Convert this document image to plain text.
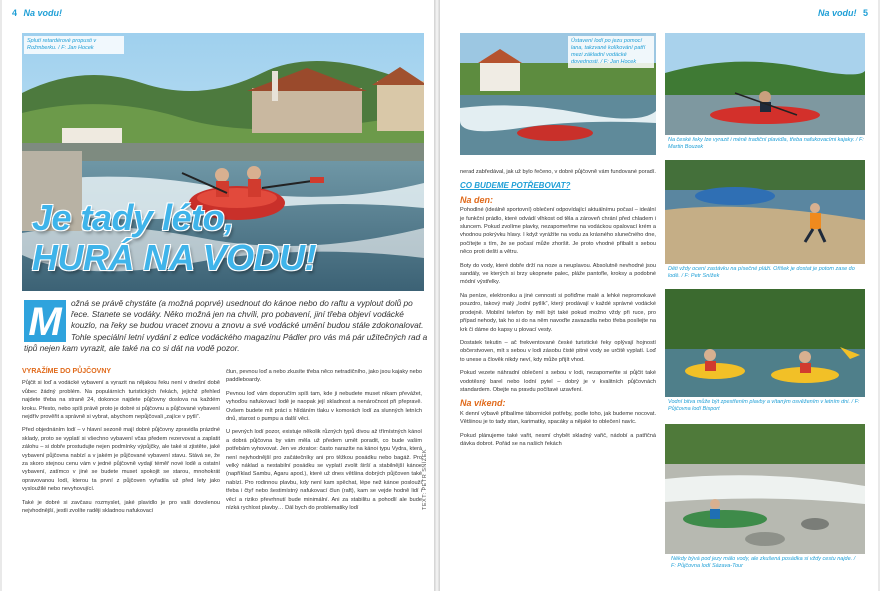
4 Na vodu!
Splutí retardérové propusti v Rožmberku. / F: Jan Hocek
Je tady léto,
HURÁ NA VODU!
M	ožná se právě chystáte (a možná poprvé) usednout do kánoe nebo do raftu a vyplout dolů po řece. Stanete se vodáky. Něko možná jen na chvíli, pro pobavení, jiní třeba objeví vodácké kouzlo, na řeky se budou vracet znovu a znovu a své vodácké umění budou stále zdokonalovat. Tohle speciální letní vydání z edice vodáckého magazínu Pádler pro vás má pár užitečných rad a tipů nejen kam vyrazit, ale také na co si dát na vodě pozor.
VYRAŽÍME DO PŮJČOVNY

Půjčit si loď a vodácké vybavení a vyrazit na nějakou řeku není v dnešní době vůbec žádný problém. Na populárních turistických řekách, jejichž přehled najdete třeba na straně 24, dokonce najdete půjčovny doslova na každém kroku. Přesto, nebo spíš právě proto je dobré si půjčovnu a půjčované vybavení nejdřív prověřit a správně si vybrat, abychom nepůjčovali „zajíce v pytli“.

Před objednáním lodí – v hlavní sezoně mají dobré půjčovny zpravidla prázdné sklady, proto se vyplatí si všechno vybavení včas předem rezervovat a zaplatit zálohu – si dobře prostudujte nejen podmínky výpůjčky, ale také si zjistěte, jaké vybavení půjčovna nabízí a v jakém je půjčované vybavení stavu. Stává se, že za skoro stejnou cenu vám v jedné půjčovně vydají téměř nové lodě a ostatní vybavení, zatímco v jiné se budete muset spokojit se starou, mnohokrát opravovanou lodí, kterou ta první z půjčoven vyřadila už před lety jako vysloužilé nebo nevyhovující.

Také je dobré si zavčasu rozmyslet, jaké plavidlo je pro vaši dovolenou nejvhodnější, jestli zvolíte raději skladnou nafukovací

člun, pevnou loď a nebo zkusíte třeba něco netradičního, jako jsou kajaky nebo paddleboardy.

Pevnou loď vám doporučím spíš tam, kde ji nebudete muset nikam převážet, vyhoďou nafukovací lodě je naopak její skladnost a nenáročnost při přepravě. Ovšem budete mít práci s hlídáním tlaku v komorách lodí za slunných letních dnů, starost o pumpu a další věci.

U pevných lodí pozor, existuje několik různých typů divou až třímístných kánoí a dobrá půjčovna by vám měla už předem umět poradit, co bude vašim potřebám vyhovovat. Jen ve zkratce: často narazíte na kánoi typu Vydra, která není nejvhodnější pro začátečníky ani pro těžkou posádku nebo bagáž. Pro velký náklad a nestabilní posádku se vyplatí zvolit širší a stabilnější kánoe (například Sambu, Agaru apod.), které už dnes většina dobrých půjčoven také nabízí. Pro rodinnou plavbu, kdy není kam spěchat, lépe než kánoe poslouží třeba i čtyř nebo šestimístný nafukovací člun (raft), kam se vejde hodně lidí i věcí a riziko převrhnutí bude minimální. Ani za stabilitu a pohodlí ale bude nízká rychlost plavby… Dál bych do problematiky lodí	TEXT: PETR SNÍŽEK
Na vodu! 5
Ústavení lodí po jezu pomocí lana, takzvané kolíkování patří mezi základní vodácké dovednosti. / F: Jan Hocek
Na české řeky lze vyrazit i méně tradiční plavidla, třeba nafukovacími kajaky. / F: Martin Bouzek
Děti vždy ocení zastávku na písečné pláži. Ořišek je dostat je potom zase do lodě. / F: Petr Snížek
Vodní bitva může být zpestřením plavby a vítaným osvěžením v letním dni. / F: Půjčovna lodí Bisport
Někdy bývá pod jezy málo vody, ale zkušená posádka si vždy cestu najde. / F: Půjčovna lodí Sázava-Tour

nerad zabředával, jak už bylo řečeno, v dobré půjčovně vám fundované poradí.

CO BUDEME POTŘEBOVAT?
Na den:

Pohodlné (ideálně sportovní) oblečení odpovídající aktuálnímu počasí – ideální je funkční prádlo, které odvádí vlhkost od těla a zároveň chrání před chladem i sluncem. Pokud zvolíme plavky, nezapomeňme na vodáckou opalovací krém a vhodnou pokrývku hlavy. I když vyrážíte na vodu za krásného slunečného dne, počítejte s tím, že se počasí může zhoršit. Je proto vhodné přibalit s sebou něco proti dešti a větru.

Boty do vody, které dobře drží na noze a neuplavou. Absolutně nevhodné jsou sandály, ve kterých si brzy ukopnete palec, pláže pantofle, kroksy a podobné módní výstřelky.

Na peníze, elektroniku a jiné cennosti si pořiďme malé a lehké nepromokavé pouzdro, takový malý „lodní pytlík“, který prodávají v každé správné vodácké prodejně. Mobilní telefon by měl být také pokud možno vždy při ruce, pro případ nehody, tak ho si do na něm navoďte zavazadla nebo třeba posílejte na krk či dáme do kapsy u plovací vesty.

Dostatek tekutin – ač frekventované české turistické řeky oplývají hojností občerstvoven, mít s sebou v lodi zásobu čisté pitné vody se určitě vyplatí. Loď to unese a člověk nikdy neví, kdy může přijít vhod.

Pokud vezete náhradní oblečení s sebou v lodi, nezapomeňte si půjčit také vodotěsný barel nebo lodní pytel – dobrý je v kvalitních půjčovnách standardem. Obejte na pravdu počítavé uzavření.

Na víkend:

K denní výbavě přibalíme tábornické potřeby, podle toho, jak budeme nocovat. Většinou je to tady stan, karimatky, spacáky a nějaké to oblečení navíc.

Pokud plánujeme také vařit, nesmí chybět skladný vařič, nádobí a patřičná dávka dobrot. Pořád se na našich řekách
